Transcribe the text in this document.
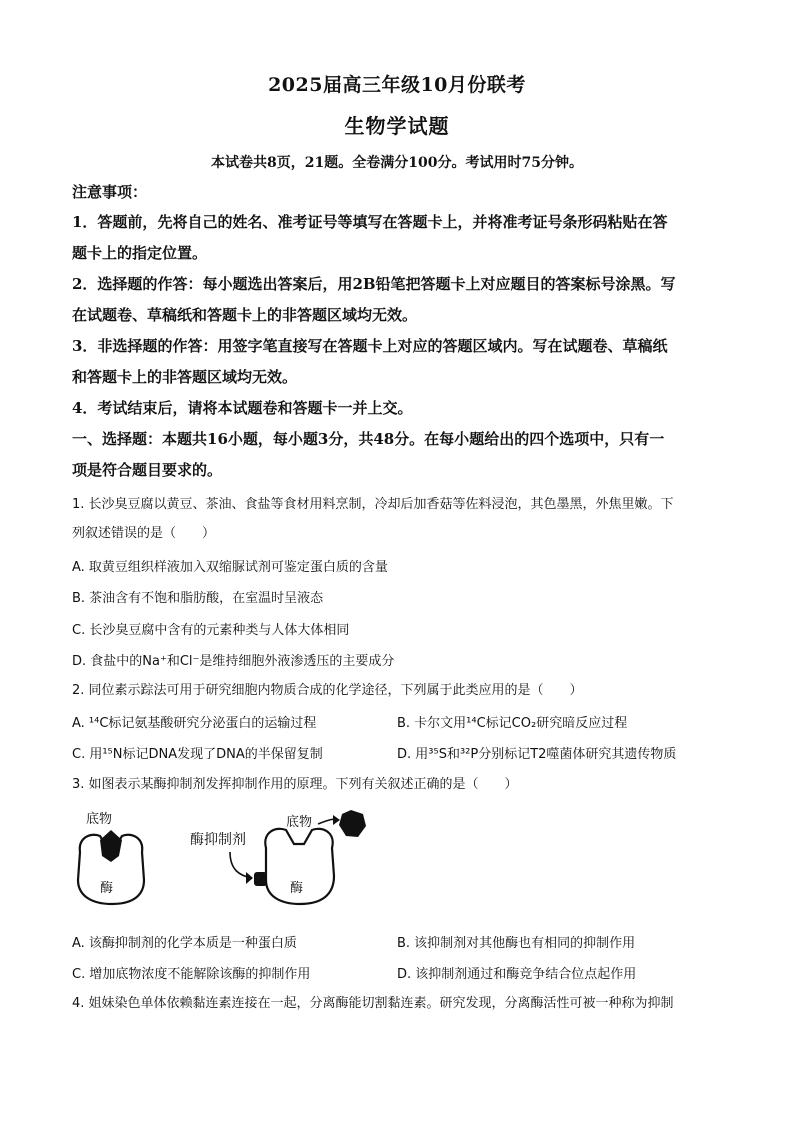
2025届高三年级10月份联考
生物学试题
本试卷共8页，21题。全卷满分100分。考试用时75分钟。
注意事项：
1．答题前，先将自己的姓名、准考证号等填写在答题卡上，并将准考证号条形码粘贴在答
题卡上的指定位置。
2．选择题的作答：每小题选出答案后，用2B铅笔把答题卡上对应题目的答案标号涂黑。写
在试题卷、草稿纸和答题卡上的非答题区域均无效。
3．非选择题的作答：用签字笔直接写在答题卡上对应的答题区域内。写在试题卷、草稿纸
和答题卡上的非答题区域均无效。
4．考试结束后，请将本试题卷和答题卡一并上交。
一、选择题：本题共16小题，每小题3分，共48分。在每小题给出的四个选项中，只有一
项是符合题目要求的。
1. 长沙臭豆腐以黄豆、茶油、食盐等食材用料烹制，冷却后加香菇等佐料浸泡，其色墨黑，外焦里嫩。下
列叙述错误的是（　　）
A. 取黄豆组织样液加入双缩脲试剂可鉴定蛋白质的含量
B. 茶油含有不饱和脂肪酸，在室温时呈液态
C. 长沙臭豆腐中含有的元素种类与人体大体相同
D. 食盐中的Na⁺和Cl⁻是维持细胞外液渗透压的主要成分
2. 同位素示踪法可用于研究细胞内物质合成的化学途径，下列属于此类应用的是（　　）
A. ¹⁴C标记氨基酸研究分泌蛋白的运输过程	B. 卡尔文用¹⁴C标记CO₂研究暗反应过程
C. 用¹⁵N标记DNA发现了DNA的半保留复制	D. 用³⁵S和³²P分别标记T2噬菌体研究其遗传物质
3. 如图表示某酶抑制剂发挥抑制作用的原理。下列有关叙述正确的是（　　）
底物
酶
酶抑制剂
酶
底物
A. 该酶抑制剂的化学本质是一种蛋白质	B. 该抑制剂对其他酶也有相同的抑制作用
C. 增加底物浓度不能解除该酶的抑制作用	D. 该抑制剂通过和酶竞争结合位点起作用
4. 姐妹染色单体依赖黏连素连接在一起，分离酶能切割黏连素。研究发现，分离酶活性可被一种称为抑制
